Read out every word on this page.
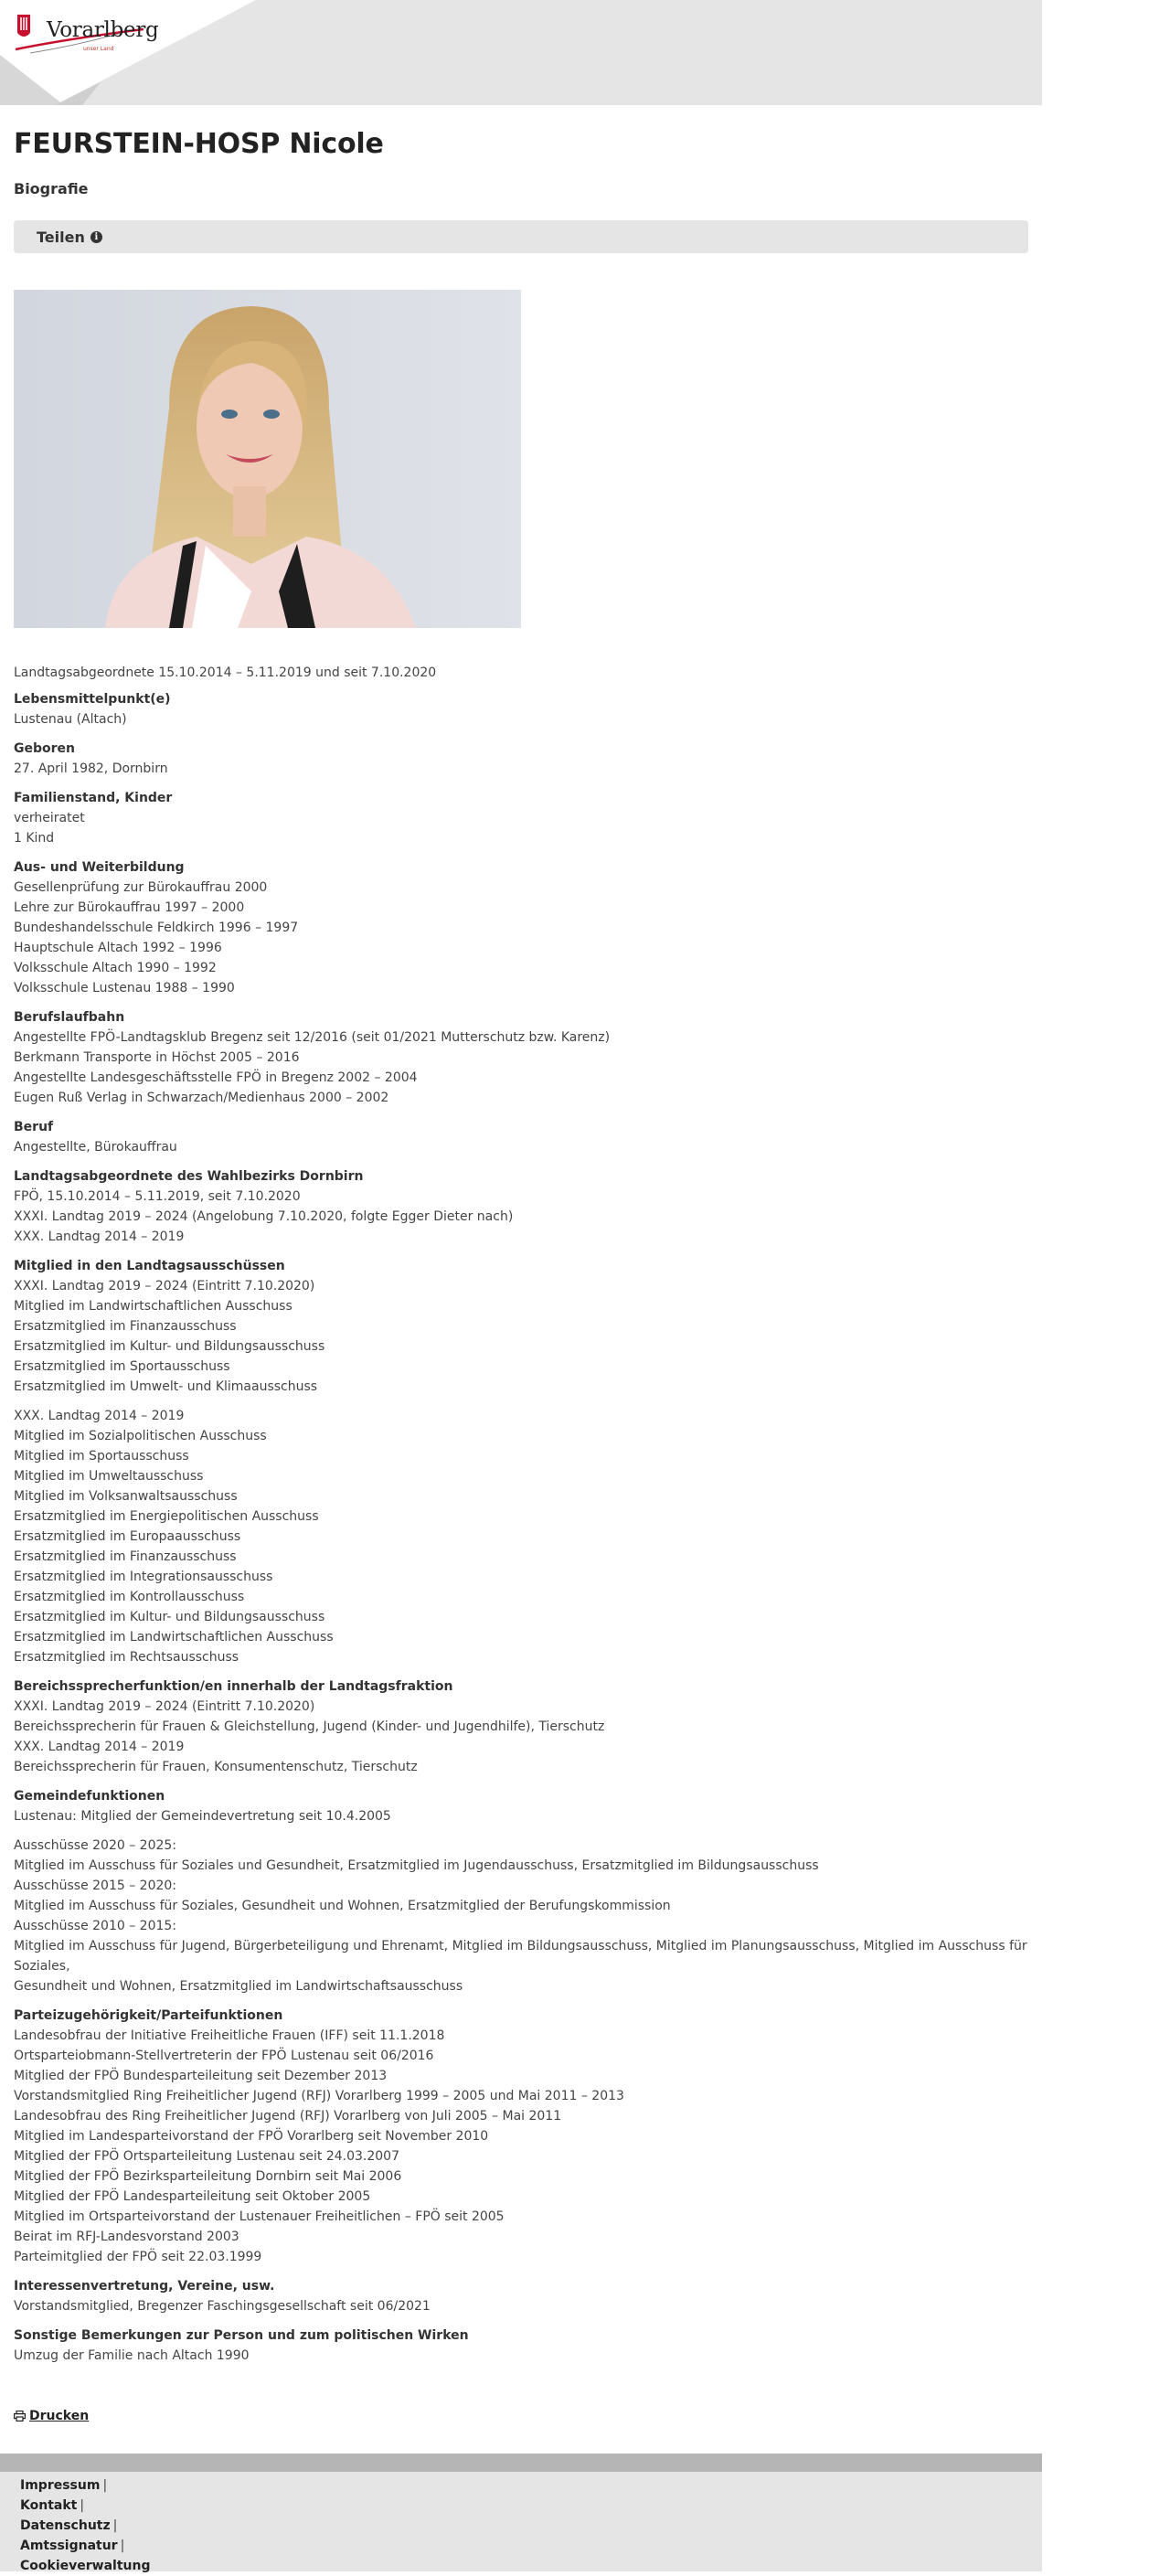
Vorarlberg
unser Land
FEURSTEIN-HOSP Nicole
Biografie
Teilen	i

Landtagsabgeordnete 15.10.2014 – 5.11.2019 und seit 7.10.2020

Lebensmittelpunkt(e)
Lustenau (Altach)
Geboren
27. April 1982, Dornbirn
Familienstand, Kinder
verheiratet
1 Kind
Aus- und Weiterbildung
Gesellenprüfung zur Bürokauffrau 2000
Lehre zur Bürokauffrau 1997 – 2000
Bundeshandelsschule Feldkirch 1996 – 1997
Hauptschule Altach 1992 – 1996
Volksschule Altach 1990 – 1992
Volksschule Lustenau 1988 – 1990
Berufslaufbahn
Angestellte FPÖ-Landtagsklub Bregenz seit 12/2016 (seit 01/2021 Mutterschutz bzw. Karenz)
Berkmann Transporte in Höchst 2005 – 2016
Angestellte Landesgeschäftsstelle FPÖ in Bregenz 2002 – 2004
Eugen Ruß Verlag in Schwarzach/Medienhaus 2000 – 2002
Beruf
Angestellte, Bürokauffrau
Landtagsabgeordnete des Wahlbezirks Dornbirn
FPÖ, 15.10.2014 – 5.11.2019, seit 7.10.2020
XXXI. Landtag 2019 – 2024 (Angelobung 7.10.2020, folgte Egger Dieter nach)
XXX. Landtag 2014 – 2019
Mitglied in den Landtagsausschüssen
XXXI. Landtag 2019 – 2024 (Eintritt 7.10.2020)
Mitglied im Landwirtschaftlichen Ausschuss
Ersatzmitglied im Finanzausschuss
Ersatzmitglied im Kultur- und Bildungsausschuss
Ersatzmitglied im Sportausschuss
Ersatzmitglied im Umwelt- und Klimaausschuss
XXX. Landtag 2014 – 2019
Mitglied im Sozialpolitischen Ausschuss
Mitglied im Sportausschuss
Mitglied im Umweltausschuss
Mitglied im Volksanwaltsausschuss
Ersatzmitglied im Energiepolitischen Ausschuss
Ersatzmitglied im Europaausschuss
Ersatzmitglied im Finanzausschuss
Ersatzmitglied im Integrationsausschuss
Ersatzmitglied im Kontrollausschuss
Ersatzmitglied im Kultur- und Bildungsausschuss
Ersatzmitglied im Landwirtschaftlichen Ausschuss
Ersatzmitglied im Rechtsausschuss
Bereichssprecherfunktion/en innerhalb der Landtagsfraktion
XXXI. Landtag 2019 – 2024 (Eintritt 7.10.2020)
Bereichssprecherin für Frauen & Gleichstellung, Jugend (Kinder- und Jugendhilfe), Tierschutz
XXX. Landtag 2014 – 2019
Bereichssprecherin für Frauen, Konsumentenschutz, Tierschutz
Gemeindefunktionen
Lustenau: Mitglied der Gemeindevertretung seit 10.4.2005
Ausschüsse 2020 – 2025:
Mitglied im Ausschuss für Soziales und Gesundheit, Ersatzmitglied im Jugendausschuss, Ersatzmitglied im Bildungsausschuss
Ausschüsse 2015 – 2020:
Mitglied im Ausschuss für Soziales, Gesundheit und Wohnen, Ersatzmitglied der Berufungskommission
Ausschüsse 2010 – 2015:
Mitglied im Ausschuss für Jugend, Bürgerbeteiligung und Ehrenamt, Mitglied im Bildungsausschuss, Mitglied im Planungsausschuss, Mitglied im Ausschuss für Soziales,
Gesundheit und Wohnen, Ersatzmitglied im Landwirtschaftsausschuss
Parteizugehörigkeit/Parteifunktionen
Landesobfrau der Initiative Freiheitliche Frauen (IFF) seit 11.1.2018
Ortsparteiobmann-Stellvertreterin der FPÖ Lustenau seit 06/2016
Mitglied der FPÖ Bundesparteileitung seit Dezember 2013
Vorstandsmitglied Ring Freiheitlicher Jugend (RFJ) Vorarlberg 1999 – 2005 und Mai 2011 – 2013
Landesobfrau des Ring Freiheitlicher Jugend (RFJ) Vorarlberg von Juli 2005 – Mai 2011
Mitglied im Landesparteivorstand der FPÖ Vorarlberg seit November 2010
Mitglied der FPÖ Ortsparteileitung Lustenau seit 24.03.2007
Mitglied der FPÖ Bezirksparteileitung Dornbirn seit Mai 2006
Mitglied der FPÖ Landesparteileitung seit Oktober 2005
Mitglied im Ortsparteivorstand der Lustenauer Freiheitlichen – FPÖ seit 2005
Beirat im RFJ-Landesvorstand 2003
Parteimitglied der FPÖ seit 22.03.1999
Interessenvertretung, Vereine, usw.
Vorstandsmitglied, Bregenzer Faschingsgesellschaft seit 06/2021
Sonstige Bemerkungen zur Person und zum politischen Wirken
Umzug der Familie nach Altach 1990
Drucken
Impressum |
Kontakt |
Datenschutz |
Amtssignatur |
Cookieverwaltung
